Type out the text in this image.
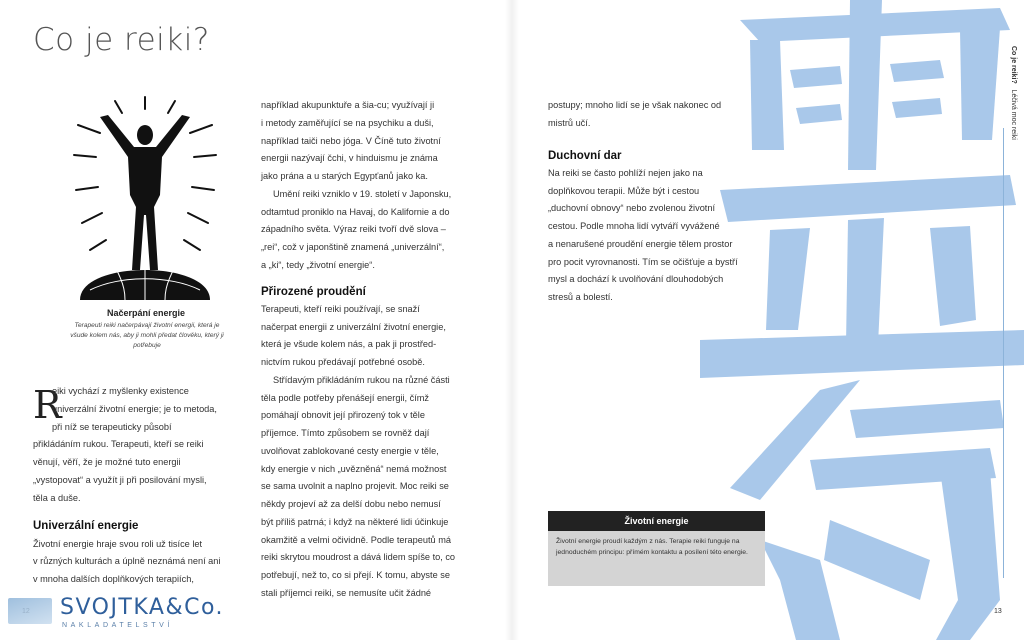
Co je reiki?
Načerpání energie
Terapeuti reiki načerpávají životní energii, která je všude kolem nás, aby ji mohli předat člověku, který ji potřebuje
R

eiki vychází z myšlenky existence

univerzální životní energie; je to metoda,

při níž se terapeuticky působí

přikládáním rukou. Terapeuti, kteří se reiki

věnují, věří, že je možné tuto energii

„vystopovat“ a využít ji při posilování mysli,

těla a duše.

Univerzální energie

Životní energie hraje svou roli už tisíce let

v různých kulturách a úplně neznámá není ani

v mnoha dalších doplňkových terapiích,

například akupunktuře a šia-cu; využívají ji

i metody zaměřující se na psychiku a duši,

například taiči nebo jóga. V Číně tuto životní

energii nazývají čchi, v hinduismu je známa

jako prána a u starých Egypťanů jako ka.

Umění reiki vzniklo v 19. století v Japonsku,

odtamtud proniklo na Havaj, do Kalifornie a do

západního světa. Výraz reiki tvoří dvě slova –

„rei“, což v japonštině znamená „univerzální“,

a „ki“, tedy „životní energie“.

Přirozené proudění

Terapeuti, kteří reiki používají, se snaží

načerpat energii z univerzální životní energie,

která je všude kolem nás, a pak ji prostřed-

nictvím rukou předávají potřebné osobě.

Střídavým přikládáním rukou na různé části

těla podle potřeby přenášejí energii, čímž

pomáhají obnovit její přirozený tok v těle

příjemce. Tímto způsobem se rovněž dají

uvolňovat zablokované cesty energie v těle,

kdy energie v nich „uvězněná“ nemá možnost

se sama uvolnit a naplno projevit. Moc reiki se

někdy projeví až za delší dobu nebo nemusí

být příliš patrná; i když na některé lidi účinkuje

okamžitě a velmi očividně. Podle terapeutů má

reiki skrytou moudrost a dává lidem spíše to, co

potřebují, než to, co si přejí. K tomu, abyste se

stali příjemci reiki, se nemusíte učit žádné

postupy; mnoho lidí se je však nakonec od

mistrů učí.

Duchovní dar

Na reiki se často pohlíží nejen jako na

doplňkovou terapii. Může být i cestou

„duchovní obnovy“ nebo zvolenou životní

cestou. Podle mnoha lidí vytváří vyvážené

a nenarušené proudění energie tělem prostor

pro pocit vyrovnanosti. Tím se očišťuje a bystří

mysl a dochází k uvolňování dlouhodobých

stresů a bolestí.

Co je reiki?   Léčivá moc reiki
Životní energie
Životní energie proudí každým z nás. Terapie reiki funguje na jednoduchém principu: přímém kontaktu a posílení této energie.
13
SVOJTKA&Co.
NAKLADATELSTVÍ
